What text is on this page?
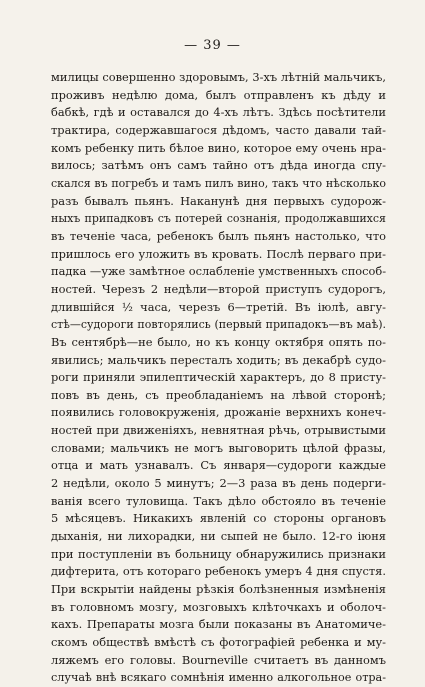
— 39 —
милицы совершенно здоровымъ, 3-хъ лѣтній мальчикъ,
проживъ недѣлю дома, былъ отправленъ къ дѣду и
бабкѣ, гдѣ и оставался до 4-хъ лѣтъ. Здѣсь посѣтители
трактира, содержавшагося дѣдомъ, часто давали тай-
комъ ребенку пить бѣлое вино, которое ему очень нра-
вилось; затѣмъ онъ самъ тайно отъ дѣда иногда спу-
скался въ погребъ и тамъ пилъ вино, такъ что нѣсколько
разъ бывалъ пьянъ. Наканунѣ дня первыхъ судорож-
ныхъ припадковъ съ потерей сознанія, продолжавшихся
въ теченіе часа, ребенокъ былъ пьянъ настолько, что
пришлось его уложить въ кровать. Послѣ перваго при-
падка —уже замѣтное ослабленіе умственныхъ способ-
ностей. Черезъ 2 недѣли—второй приступъ судорогъ,
длившійся ½ часа, черезъ 6—третій. Въ іюлѣ, авгу-
стѣ—судороги повторялись (первый припадокъ—въ маѣ).
Въ сентябрѣ—не было, но къ концу октября опять по-
явились; мальчикъ пересталъ ходить; въ декабрѣ судо-
роги приняли эпилептическій характеръ, до 8 присту-
повъ въ день, съ преобладаніемъ на лѣвой сторонѣ;
появились головокруженія, дрожаніе верхнихъ конеч-
ностей при движеніяхъ, невнятная рѣчь, отрывистыми
словами; мальчикъ не могъ выговорить цѣлой фразы,
отца и мать узнавалъ. Съ января—судороги каждые
2 недѣли, около 5 минутъ; 2—3 раза въ день подерги-
ванія всего туловища. Такъ дѣло обстояло въ теченіе
5 мѣсяцевъ. Никакихъ явленій со стороны органовъ
дыханія, ни лихорадки, ни сыпей не было. 12-го іюня
при поступленіи въ больницу обнаружились признаки
дифтерита, отъ котораго ребенокъ умеръ 4 дня спустя.
При вскрытіи найдены рѣзкія болѣзненныя измѣненія
въ головномъ мозгу, мозговыхъ клѣточкахъ и оболоч-
кахъ. Препараты мозга были показаны въ Анатомиче-
скомъ обществѣ вмѣстѣ съ фотографіей ребенка и му-
ляжемъ его головы. Bourneville считаетъ въ данномъ
случаѣ внѣ всякаго сомнѣнія именно алкогольное отра-
